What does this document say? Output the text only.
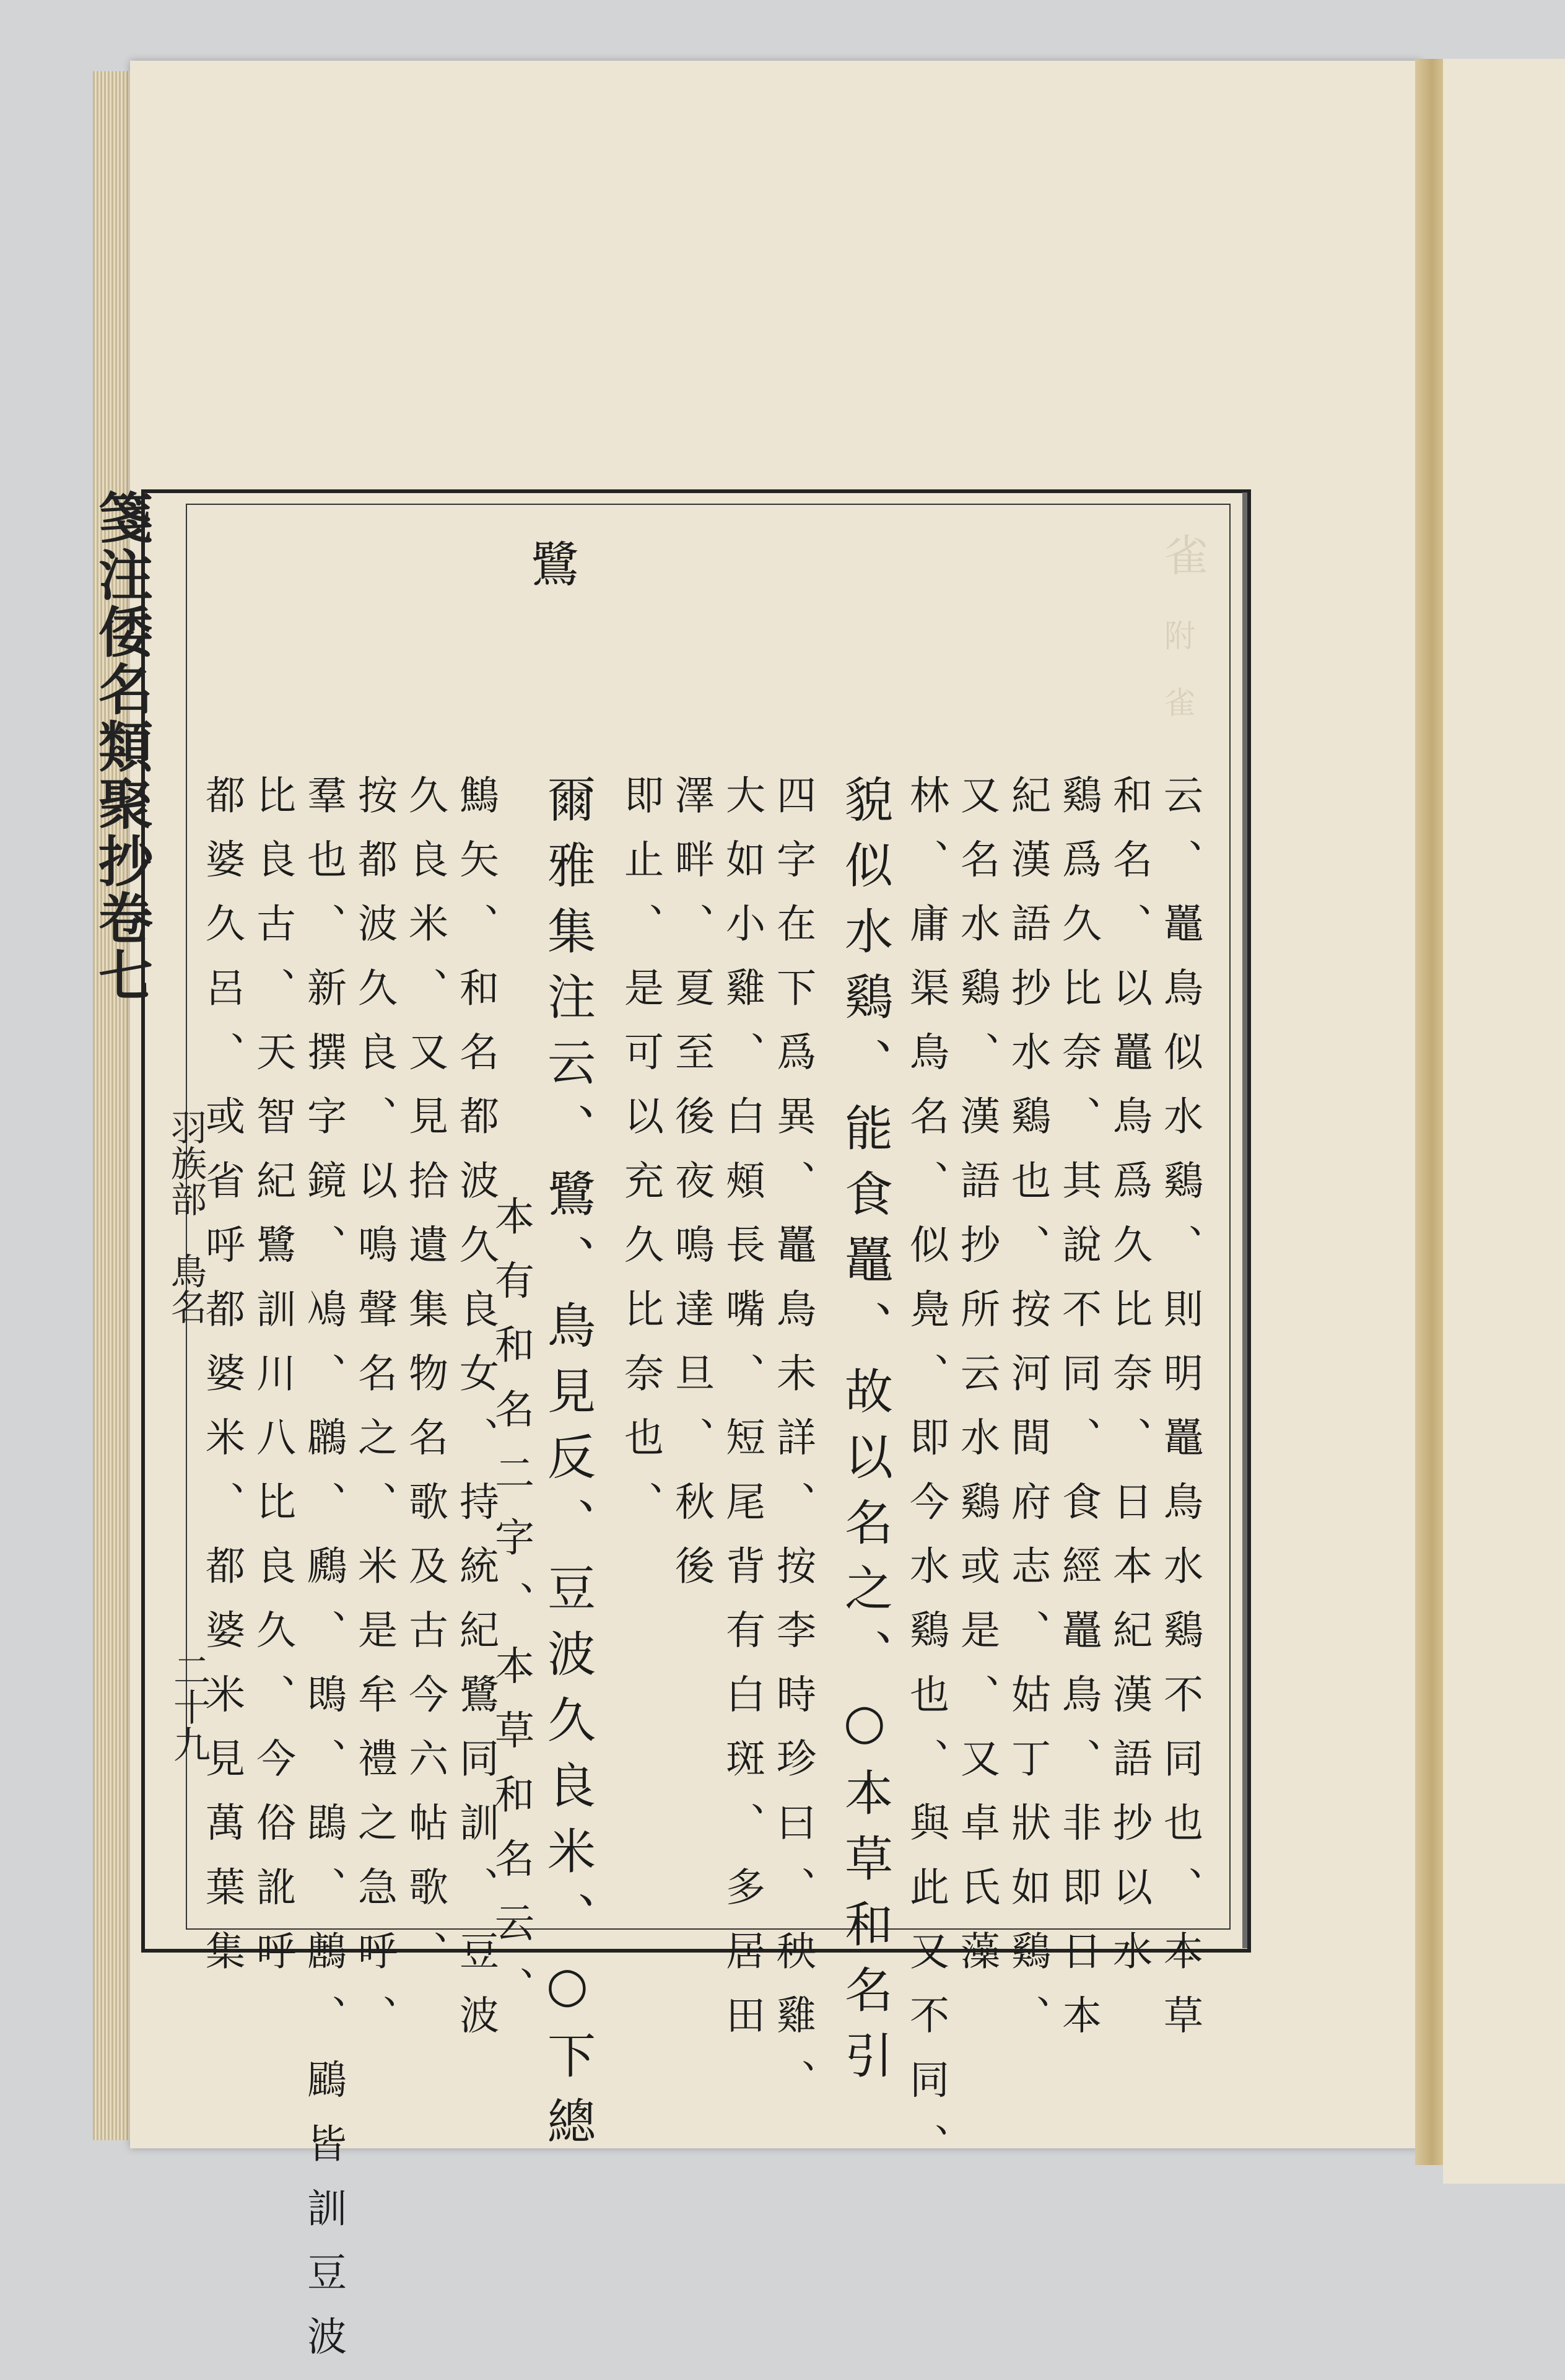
箋注倭名類聚抄卷七
羽族部　鳥名
二十九
雀
附 雀
鷺
云、鼉鳥似水鷄、則明鼉鳥水鷄不同也、本草
和名、以鼉鳥爲久比奈、日本紀漢語抄以水
鷄爲久比奈、其說不同、食經鼉鳥、非即日本
紀漢語抄水鷄也、按河間府志、姑丁狀如鷄、
又名水鷄、漢語抄所云水鷄或是、又卓氏藻
林、庸渠鳥名、似鳧、即今水鷄也、與此又不同、
貌似水鷄、能食鼉、故以名之、○本草和名引
四字在下爲異、鼉鳥未詳、按李時珍曰、秧雞、
大如小雞、白頰長嘴、短尾背有白斑、多居田
澤畔、夏至後夜鳴達旦、秋後
即止、是可以充久比奈也、
爾雅集注云、鷺、鳥見反、豆波久良米、○下總
本有和名二字、本草和名云、
鷦矢、和名都波久良女、持統紀鷺同訓、豆波
久良米、又見拾遺集物名歌及古今六帖歌、
按都波久良、以鳴聲名之、米是牟禮之急呼、
羣也、新撰字鏡、鳰、鸊、鷉、鵖、鵾、鶶、鶌皆訓豆波
比良古、天智紀鷺訓川八比良久、今俗訛呼
都婆久呂、或省呼都婆米、都婆米見萬葉集
